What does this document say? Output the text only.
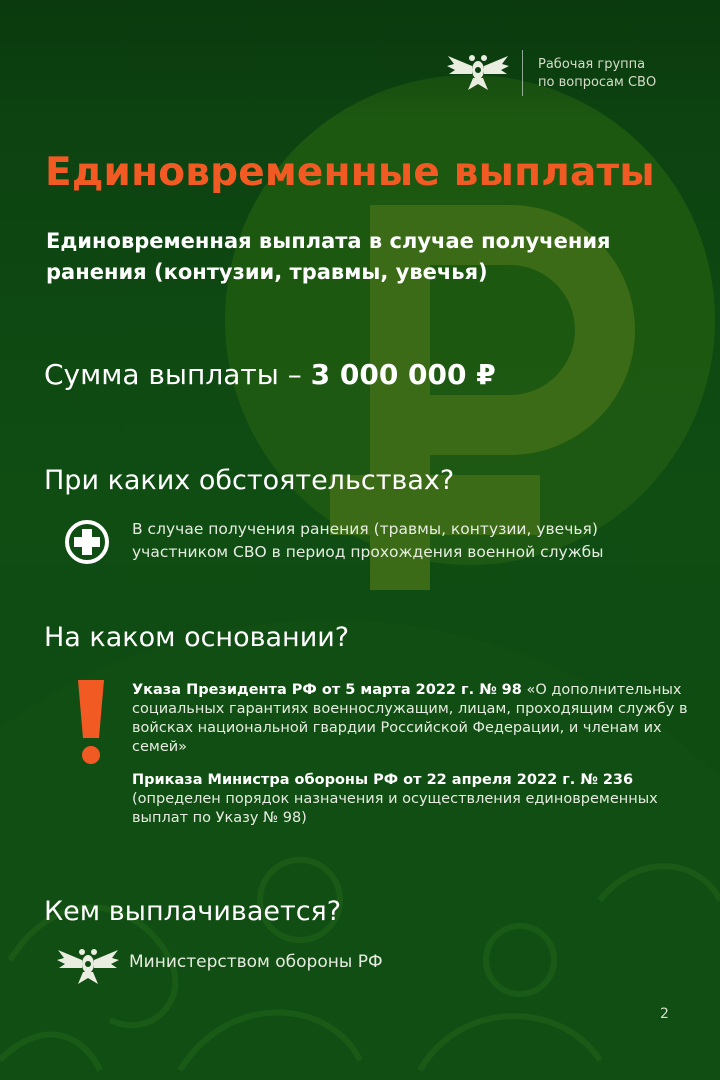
Рабочая группа
по вопросам СВО
Единовременные выплаты
Единовременная выплата в случае получения ранения (контузии, травмы, увечья)
Сумма выплаты – 3 000 000 ₽
При каких обстоятельствах?
В случае получения ранения (травмы, контузии, увечья) участником СВО в период прохождения военной службы
На каком основании?
Указа Президента РФ от 5 марта 2022 г. № 98 «О дополнительных социальных гарантиях военнослужащим, лицам, проходящим службу в войсках национальной гвардии Российской Федерации, и членам их семей»
Приказа Министра обороны РФ от 22 апреля 2022 г. № 236 (определен порядок назначения и осуществления единовременных выплат по Указу № 98)
Кем выплачивается?
Министерством обороны РФ
2
